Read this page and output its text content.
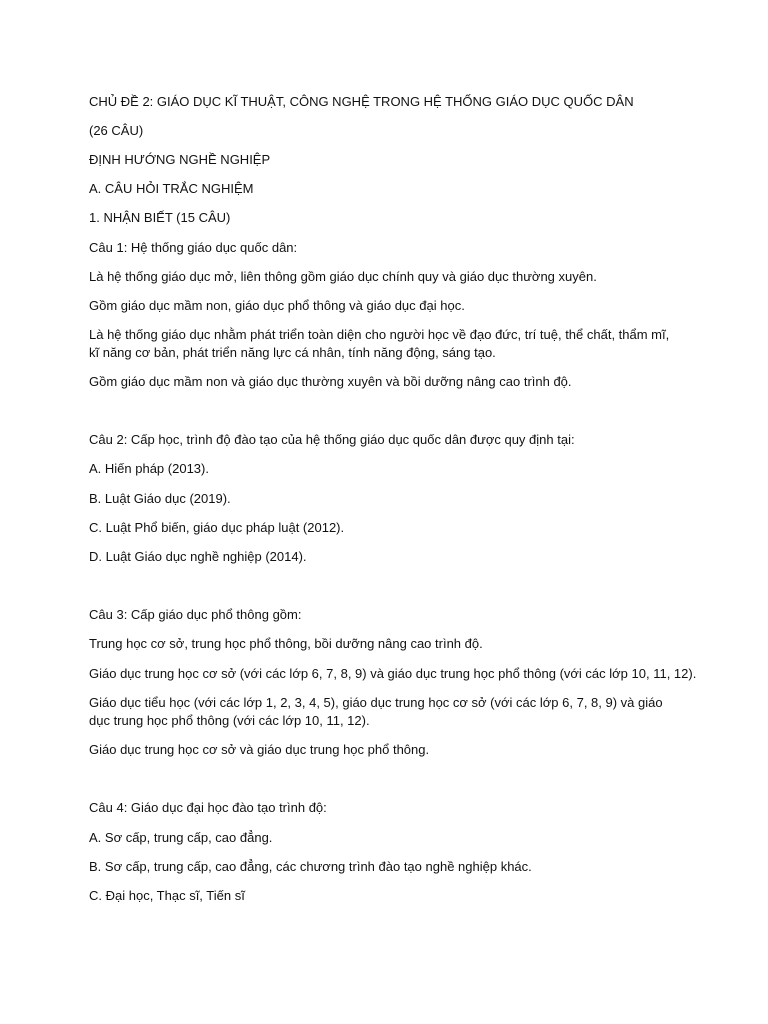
CHỦ ĐỀ 2: GIÁO DỤC KĨ THUẬT, CÔNG NGHỆ TRONG HỆ THỐNG GIÁO DỤC QUỐC DÂN

(26 CÂU)

ĐỊNH HƯỚNG NGHỀ NGHIỆP

A. CÂU HỎI TRẮC NGHIỆM

1. NHẬN BIẾT (15 CÂU)

Câu 1: Hệ thống giáo dục quốc dân:

Là hệ thống giáo dục mở, liên thông gồm giáo dục chính quy và giáo dục thường xuyên.

Gồm giáo dục mầm non, giáo dục phổ thông và giáo dục đại học.

Là hệ thống giáo dục nhằm phát triển toàn diện cho người học về đạo đức, trí tuệ, thể chất, thẩm mĩ, kĩ năng cơ bản, phát triển năng lực cá nhân, tính năng động, sáng tạo.

Gồm giáo dục mầm non và giáo dục thường xuyên và bồi dưỡng nâng cao trình độ.

Câu 2: Cấp học, trình độ đào tạo của hệ thống giáo dục quốc dân được quy định tại:

A. Hiến pháp (2013).

B. Luật Giáo dục (2019).

C. Luật Phổ biến, giáo dục pháp luật (2012).

D. Luật Giáo dục nghề nghiệp (2014).

Câu 3: Cấp giáo dục phổ thông gồm:

Trung học cơ sở, trung học phổ thông, bồi dưỡng nâng cao trình độ.

Giáo dục trung học cơ sở (với các lớp 6, 7, 8, 9) và giáo dục trung học phổ thông (với các lớp 10, 11, 12).

Giáo dục tiểu học (với các lớp 1, 2, 3, 4, 5), giáo dục trung học cơ sở (với các lớp 6, 7, 8, 9) và giáo dục trung học phổ thông (với các lớp 10, 11, 12).

Giáo dục trung học cơ sở và giáo dục trung học phổ thông.

Câu 4: Giáo dục đại học đào tạo trình độ:

A. Sơ cấp, trung cấp, cao đẳng.

B. Sơ cấp, trung cấp, cao đẳng, các chương trình đào tạo nghề nghiệp khác.

C. Đại học, Thạc sĩ, Tiến sĩ
